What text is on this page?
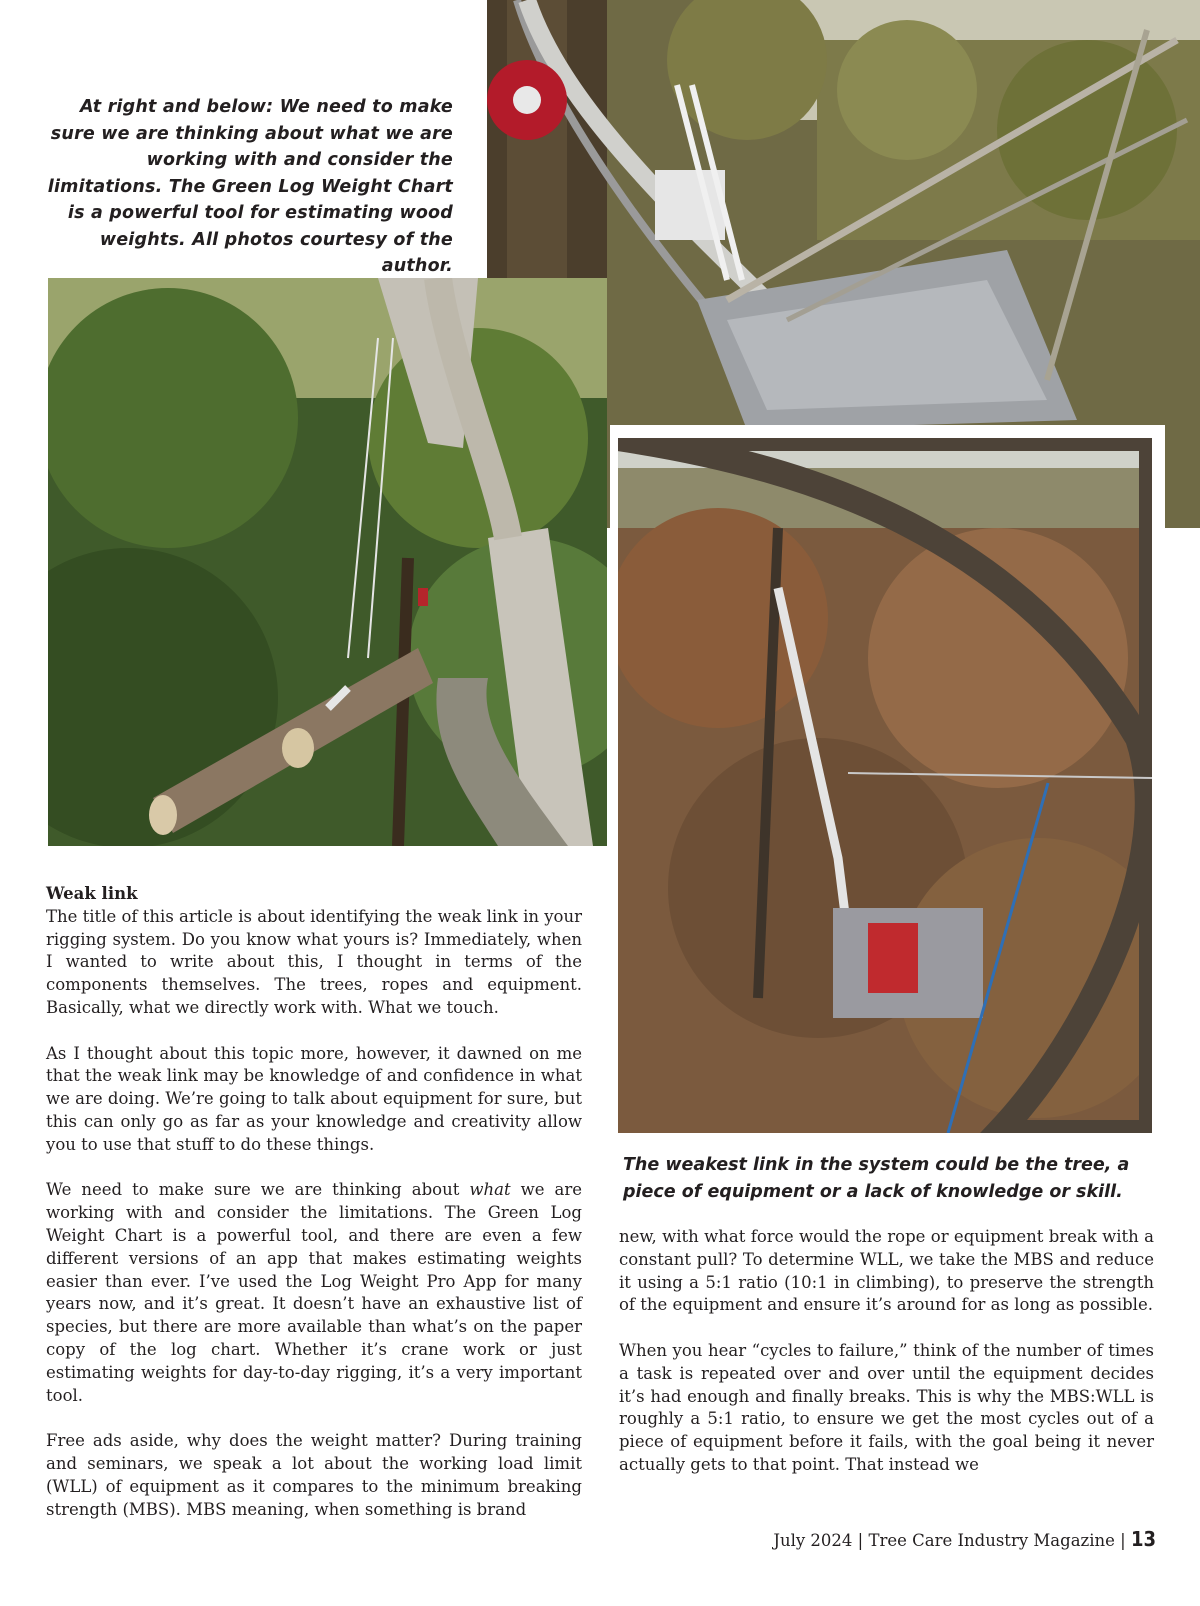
At right and below: We need to make sure we are thinking about what we are working with and consider the limitations. The Green Log Weight Chart is a powerful tool for estimating wood weights. All photos courtesy of the author.
The weakest link in the system could be the tree, a piece of equipment or a lack of knowledge or skill.

Weak link
The title of this article is about identifying the weak link in your rigging system. Do you know what yours is? Immediately, when I wanted to write about this, I thought in terms of the components themselves. The trees, ropes and equipment. Basically, what we directly work with. What we touch.

As I thought about this topic more, however, it dawned on me that the weak link may be knowledge of and confidence in what we are doing. We’re going to talk about equipment for sure, but this can only go as far as your knowledge and creativity allow you to use that stuff to do these things.

We need to make sure we are thinking about what we are working with and consider the limitations. The Green Log Weight Chart is a powerful tool, and there are even a few different versions of an app that makes estimating weights easier than ever. I’ve used the Log Weight Pro App for many years now, and it’s great. It doesn’t have an exhaustive list of species, but there are more available than what’s on the paper copy of the log chart. Whether it’s crane work or just estimating weights for day-to-day rigging, it’s a very important tool.

Free ads aside, why does the weight matter? During training and seminars, we speak a lot about the working load limit (WLL) of equipment as it compares to the minimum breaking strength (MBS). MBS meaning, when something is brand

new, with what force would the rope or equipment break with a constant pull? To determine WLL, we take the MBS and reduce it using a 5:1 ratio (10:1 in climbing), to preserve the strength of the equipment and ensure it’s around for as long as possible.

When you hear “cycles to failure,” think of the number of times a task is repeated over and over until the equipment decides it’s had enough and finally breaks. This is why the MBS:WLL is roughly a 5:1 ratio, to ensure we get the most cycles out of a piece of equipment before it fails, with the goal being it never actually gets to that point. That instead we

July 2024 | Tree Care Industry Magazine | 13
